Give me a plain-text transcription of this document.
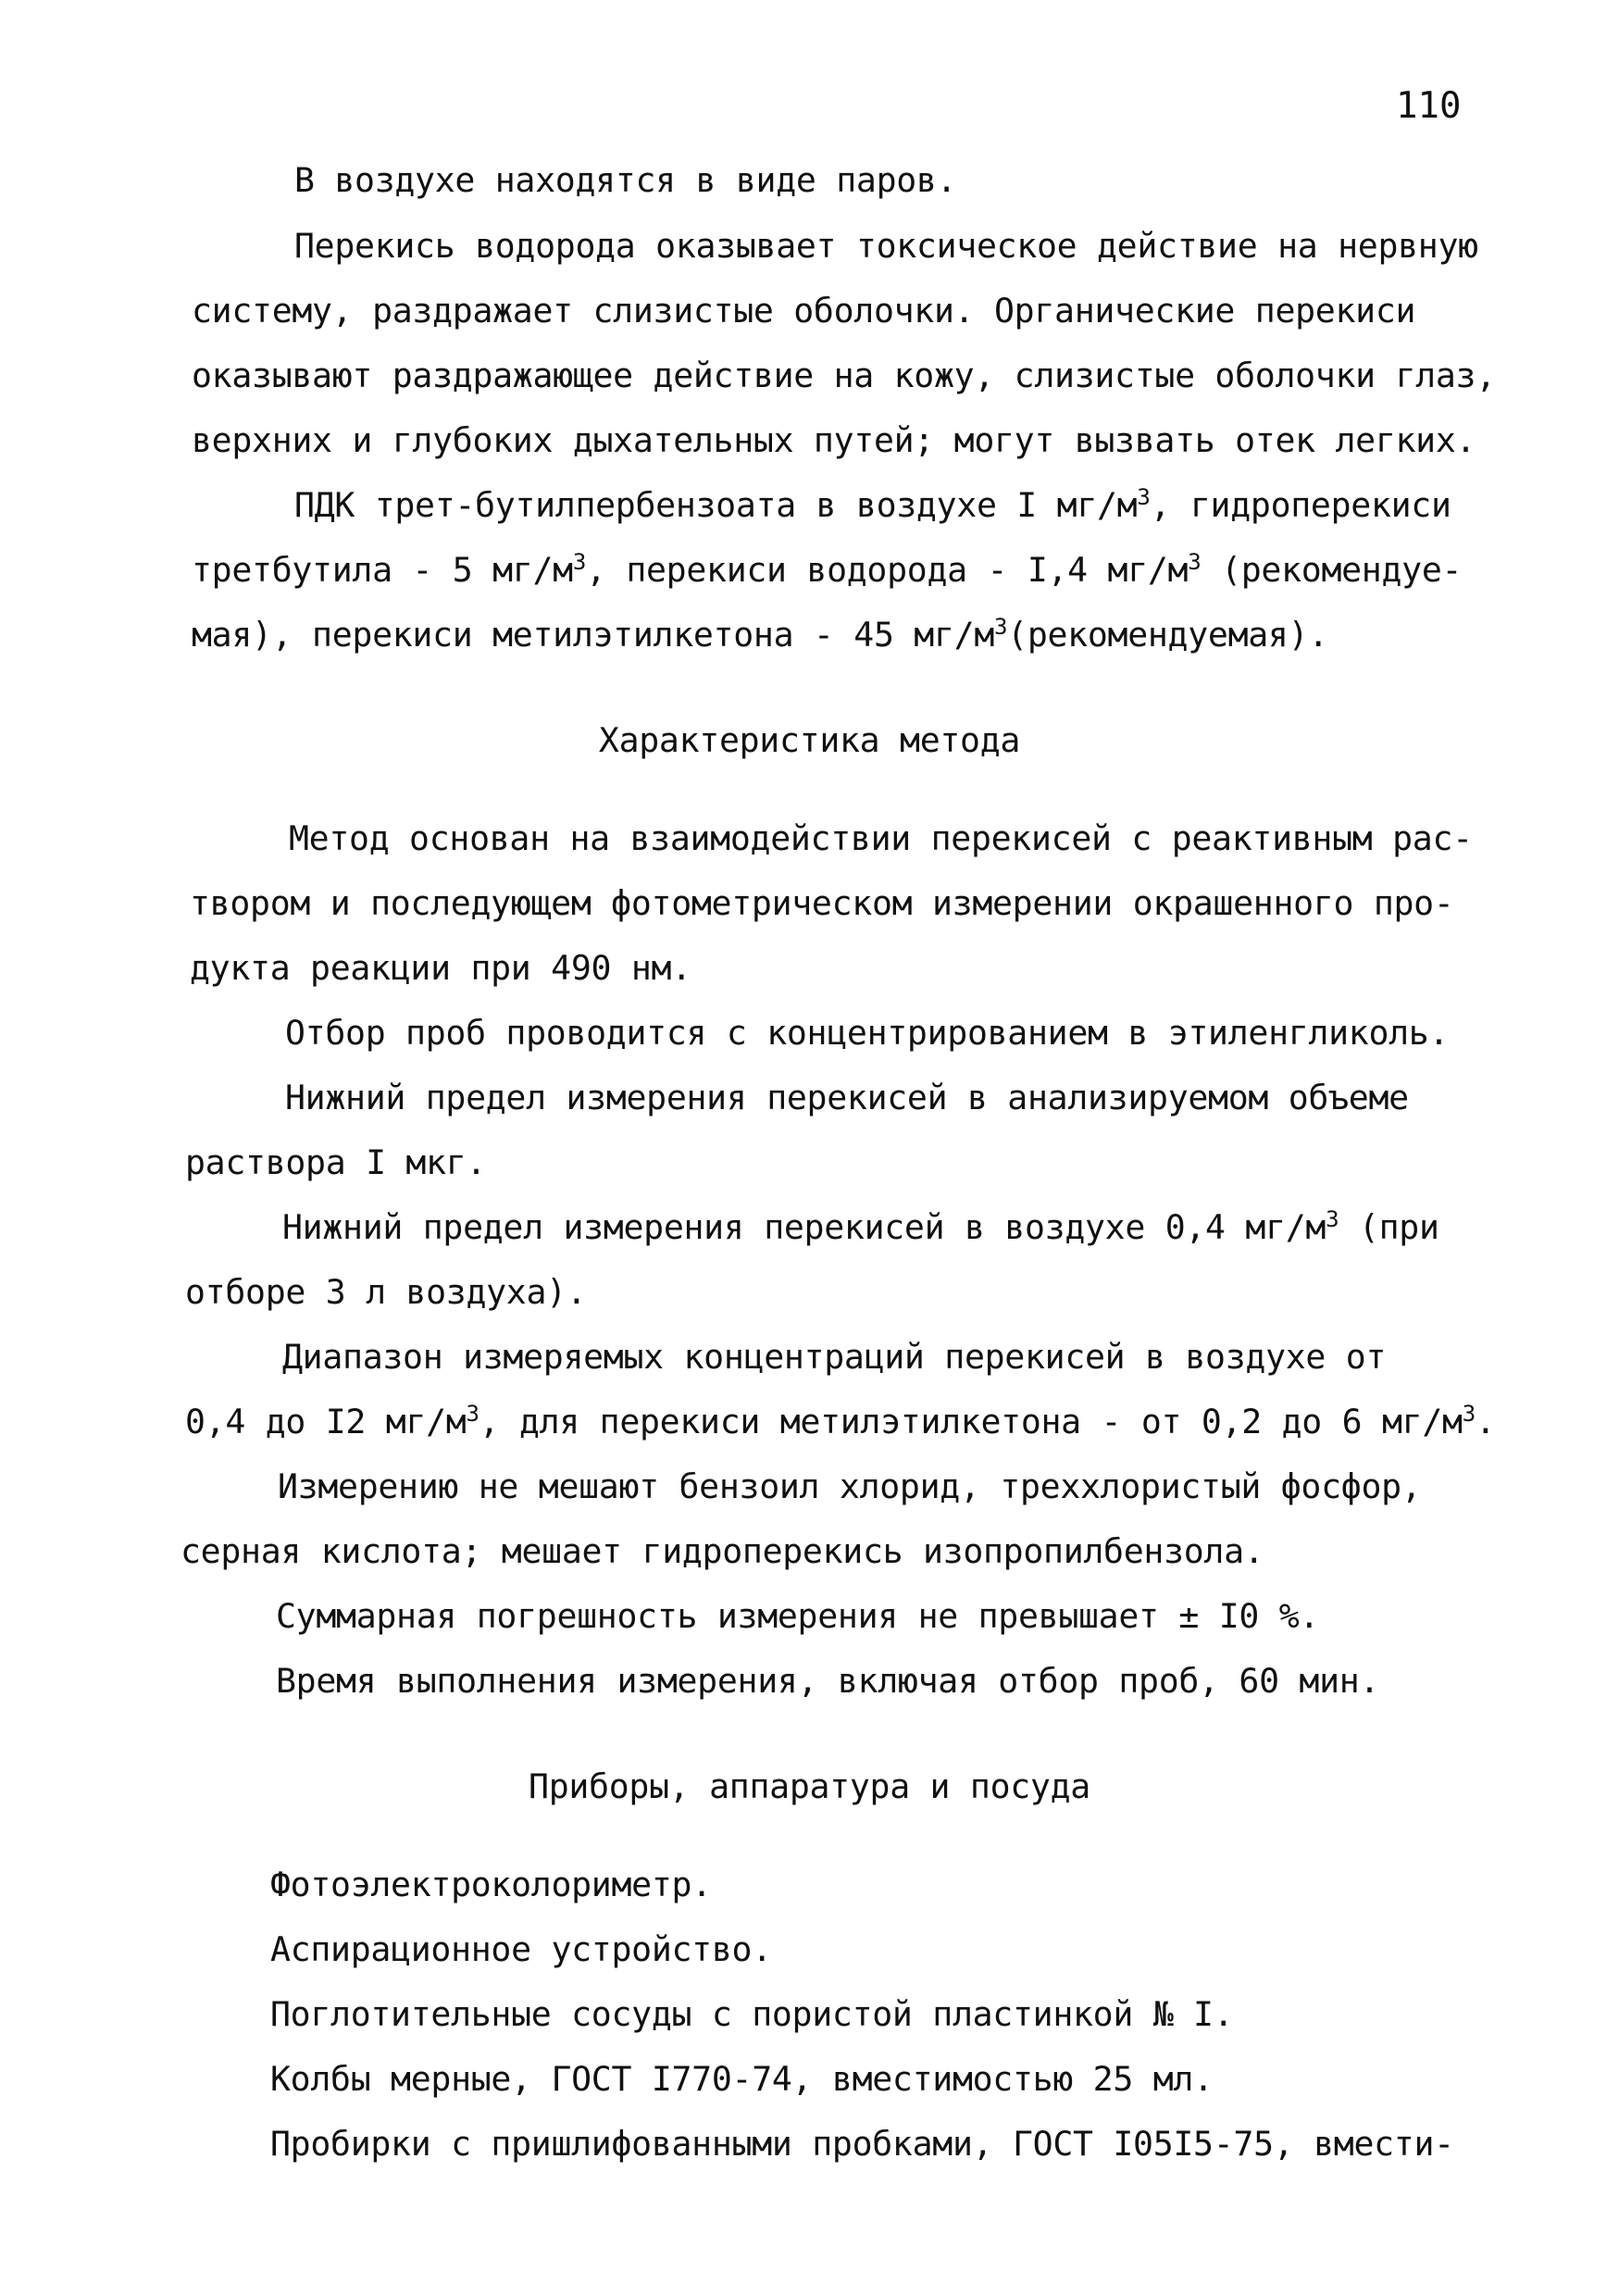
110
В воздухе находятся в виде паров.
Перекись водорода оказывает токсическое действие на нервную
систему, раздражает слизистые оболочки. Органические перекиси
оказывают раздражающее действие на кожу, слизистые оболочки глаз,
верхних и глубоких дыхательных путей; могут вызвать отек легких.
ПДК трет-бутилпербензоата в воздухе I $мг/м^3$, гидроперекиси
третбутила - 5 $мг/м^3$, перекиси водорода - I,4 $мг/м^3$ (рекомендуе-
мая), перекиси метилэтилкетона - 45 $мг/м^3(рекомендуемая)$.
Характеристика метода
Метод основан на взаимодействии перекисей с реактивным рас-
твором и последующем фотометрическом измерении окрашенного про-
дукта реакции при 490 нм.
Отбор проб проводится с концентрированием в этиленгликоль.
Нижний предел измерения перекисей в анализируемом объеме
раствора I мкг.
Нижний предел измерения перекисей в воздухе 0,4 $мг/м^3$ (при
отборе 3 л воздуха).
Диапазон измеряемых концентраций перекисей в воздухе от
0,4 до I2 $мг/м^3$, для перекиси метилэтилкетона - от 0,2 до 6 $мг/м^3$.
Измерению не мешают бензоил хлорид, треххлористый фосфор,
серная кислота; мешает гидроперекись изопропилбензола.
Суммарная погрешность измерения не превышает ± I0 %.
Время выполнения измерения, включая отбор проб, 60 мин.
Приборы, аппаратура и посуда
Фотоэлектроколориметр.
Аспирационное устройство.
Поглотительные сосуды с пористой пластинкой № I.
Колбы мерные, ГОСТ I770-74, вместимостью 25 мл.
Пробирки с пришлифованными пробками, ГОСТ I05I5-75, вмести-
